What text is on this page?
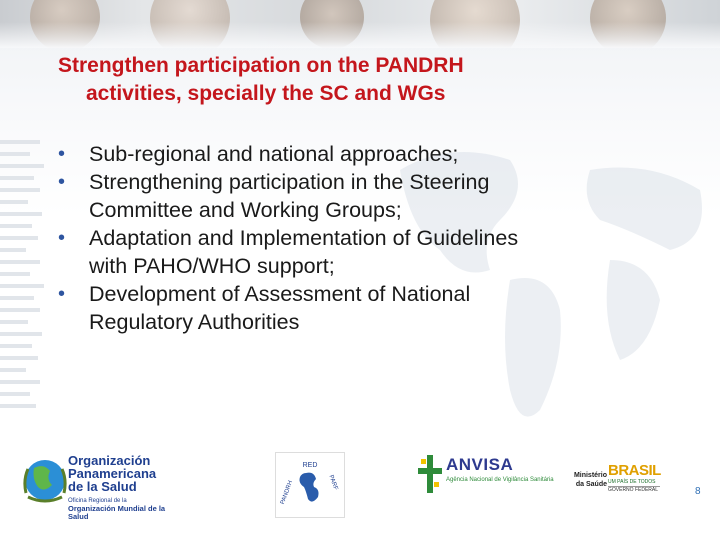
Strengthen participation on the PANDRH
activities, specially the SC and WGs
• Sub-regional and national approaches;
• Strengthening participation in the Steering
Committee and Working Groups;
• Adaptation and Implementation of Guidelines
with PAHO/WHO support;
• Development of Assessment of National
Regulatory Authorities
Organización
Panamericana
de la Salud
Oficina Regional de la
Organización Mundial de la Salud
RED
PARF
PANDRH
ANVISA
Agência Nacional de Vigilância Sanitária
Ministério
da Saúde
BRASIL
UM PAÍS DE TODOS
GOVERNO FEDERAL	8
